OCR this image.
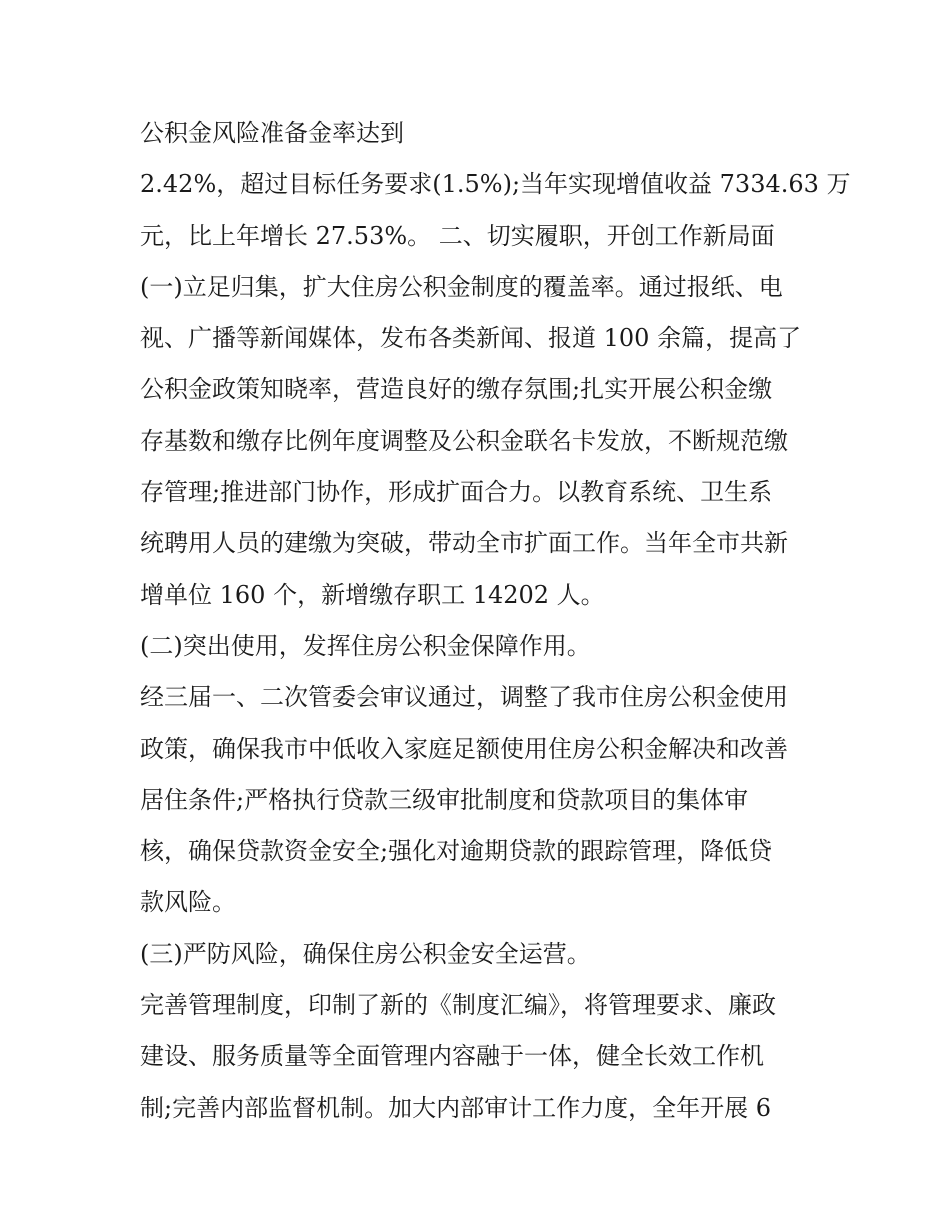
公积金风险准备金率达到
2.42%，超过目标任务要求(1.5%);当年实现增值收益 7334.63 万
元，比上年增长 27.53%。 二、切实履职，开创工作新局面
(一)立足归集，扩大住房公积金制度的覆盖率。通过报纸、电
视、广播等新闻媒体，发布各类新闻、报道 100 余篇，提高了
公积金政策知晓率，营造良好的缴存氛围;扎实开展公积金缴
存基数和缴存比例年度调整及公积金联名卡发放，不断规范缴
存管理;推进部门协作，形成扩面合力。以教育系统、卫生系
统聘用人员的建缴为突破，带动全市扩面工作。当年全市共新
增单位 160 个，新增缴存职工 14202 人。
(二)突出使用，发挥住房公积金保障作用。
经三届一、二次管委会审议通过，调整了我市住房公积金使用
政策，确保我市中低收入家庭足额使用住房公积金解决和改善
居住条件;严格执行贷款三级审批制度和贷款项目的集体审
核，确保贷款资金安全;强化对逾期贷款的跟踪管理，降低贷
款风险。
(三)严防风险，确保住房公积金安全运营。
完善管理制度，印制了新的《制度汇编》，将管理要求、廉政
建设、服务质量等全面管理内容融于一体，健全长效工作机
制;完善内部监督机制。加大内部审计工作力度，全年开展 6
